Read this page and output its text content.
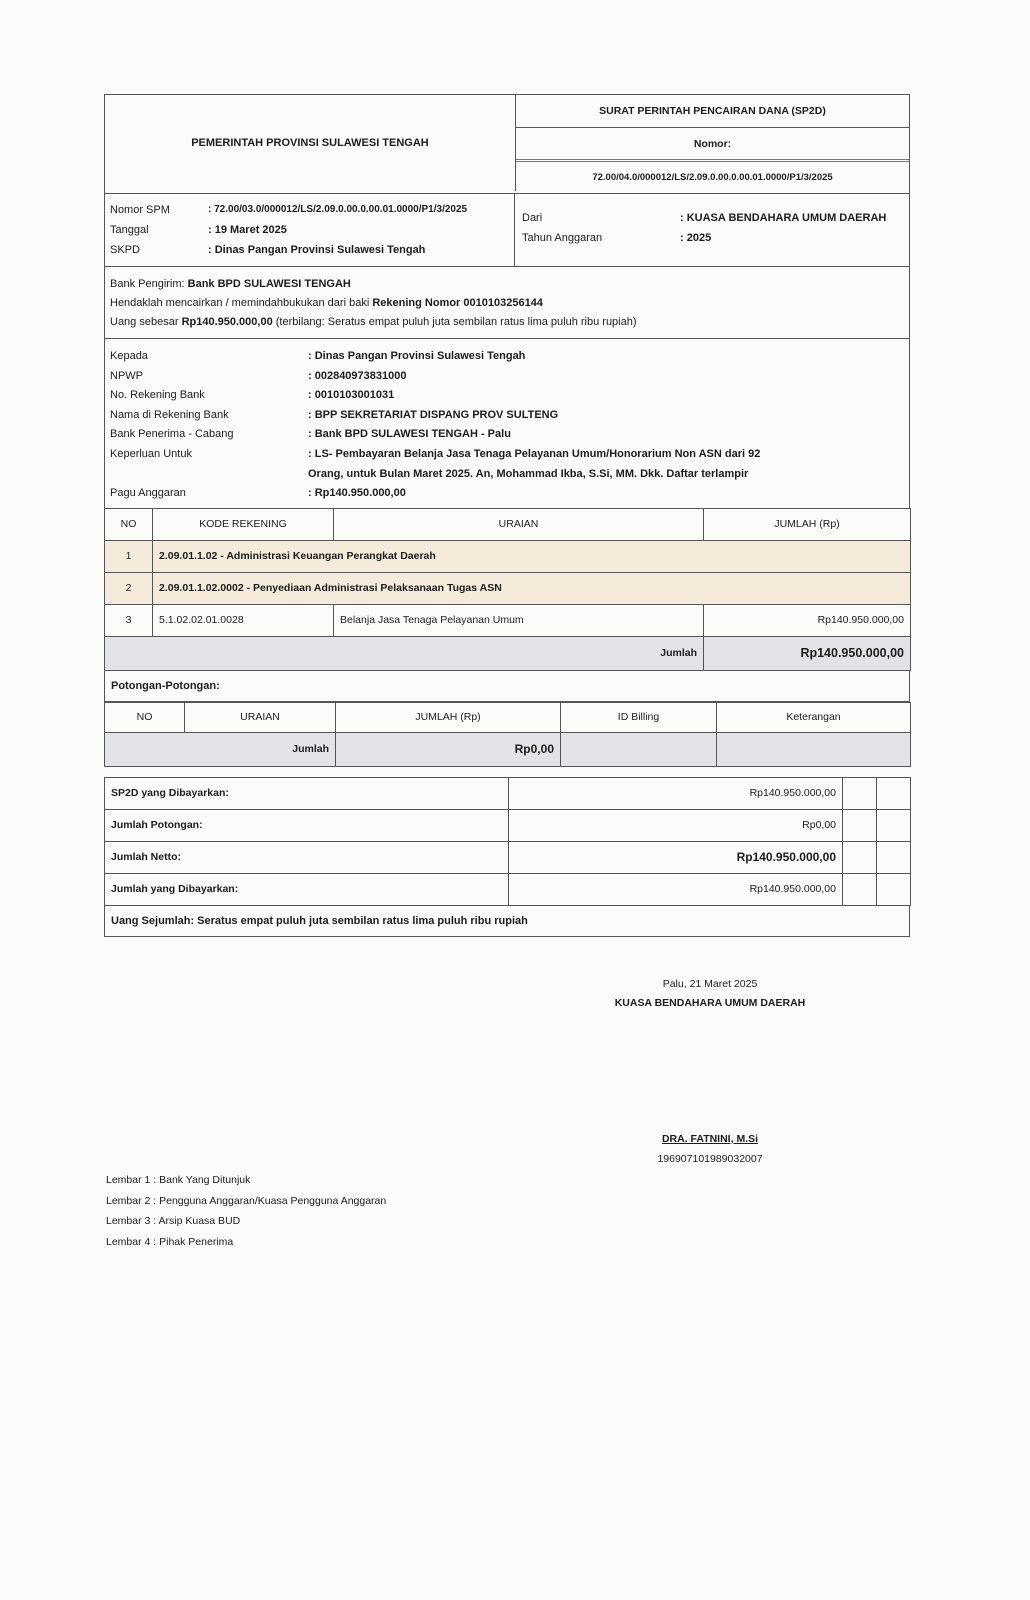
PEMERINTAH PROVINSI SULAWESI TENGAH
SURAT PERINTAH PENCAIRAN DANA (SP2D)
Nomor:
72.00/04.0/000012/LS/2.09.0.00.0.00.01.0000/P1/3/2025
Nomor SPM	: 72.00/03.0/000012/LS/2.09.0.00.0.00.01.0000/P1/3/2025
Tanggal	: 19 Maret 2025
SKPD	: Dinas Pangan Provinsi Sulawesi Tengah
Dari	: KUASA BENDAHARA UMUM DAERAH
Tahun Anggaran	: 2025
Bank Pengirim: Bank BPD SULAWESI TENGAH
Hendaklah mencairkan / memindahbukukan dari baki Rekening Nomor 0010103256144
Uang sebesar Rp140.950.000,00 (terbilang: Seratus empat puluh juta sembilan ratus lima puluh ribu rupiah)
Kepada	: Dinas Pangan Provinsi Sulawesi Tengah
NPWP	: 002840973831000
No. Rekening Bank	: 0010103001031
Nama di Rekening Bank	: BPP SEKRETARIAT DISPANG PROV SULTENG
Bank Penerima - Cabang	: Bank BPD SULAWESI TENGAH - Palu
Keperluan Untuk	: LS- Pembayaran Belanja Jasa Tenaga Pelayanan Umum/Honorarium Non ASN dari 92
Orang, untuk Bulan Maret 2025. An, Mohammad Ikba, S.Si, MM. Dkk. Daftar terlampir
Pagu Anggaran	: Rp140.950.000,00
NO	KODE REKENING	URAIAN	JUMLAH (Rp)
1	2.09.01.1.02 - Administrasi Keuangan Perangkat Daerah		
2	2.09.01.1.02.0002 - Penyediaan Administrasi Pelaksanaan Tugas ASN		
3	5.1.02.02.01.0028	Belanja Jasa Tenaga Pelayanan Umum	Rp140.950.000,00
Jumlah			Rp140.950.000,00
Potongan-Potongan:
NO	URAIAN	JUMLAH (Rp)	ID Billing	Keterangan
Jumlah		Rp0,00		
SP2D yang Dibayarkan:	Rp140.950.000,00		
Jumlah Potongan:	Rp0,00		
Jumlah Netto:	Rp140.950.000,00		
Jumlah yang Dibayarkan:	Rp140.950.000,00		
Uang Sejumlah: Seratus empat puluh juta sembilan ratus lima puluh ribu rupiah
Palu, 21 Maret 2025
KUASA BENDAHARA UMUM DAERAH
DRA. FATNINI, M.Si
196907101989032007
Lembar 1 : Bank Yang Ditunjuk
Lembar 2 : Pengguna Anggaran/Kuasa Pengguna Anggaran
Lembar 3 : Arsip Kuasa BUD
Lembar 4 : Pihak Penerima
